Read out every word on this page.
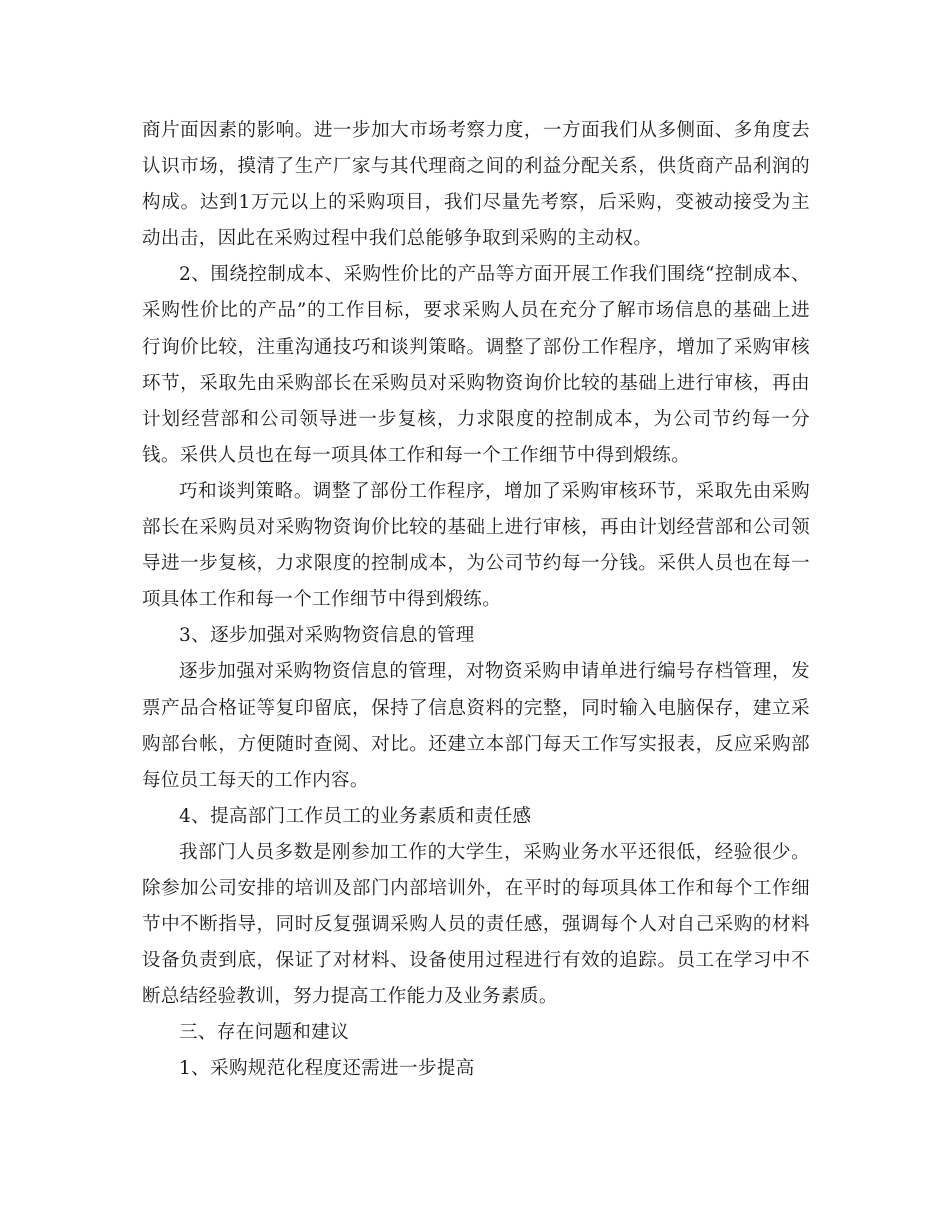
商片面因素的影响。进一步加大市场考察力度，一方面我们从多侧面、多角度去认识市场，摸清了生产厂家与其代理商之间的利益分配关系，供货商产品利润的构成。达到1万元以上的采购项目，我们尽量先考察，后采购，变被动接受为主动出击，因此在采购过程中我们总能够争取到采购的主动权。

2、围绕控制成本、采购性价比的产品等方面开展工作我们围绕“控制成本、采购性价比的产品”的工作目标，要求采购人员在充分了解市场信息的基础上进行询价比较，注重沟通技巧和谈判策略。调整了部份工作程序，增加了采购审核环节，采取先由采购部长在采购员对采购物资询价比较的基础上进行审核，再由计划经营部和公司领导进一步复核，力求限度的控制成本，为公司节约每一分钱。采供人员也在每一项具体工作和每一个工作细节中得到煅练。

巧和谈判策略。调整了部份工作程序，增加了采购审核环节，采取先由采购部长在采购员对采购物资询价比较的基础上进行审核，再由计划经营部和公司领导进一步复核，力求限度的控制成本，为公司节约每一分钱。采供人员也在每一项具体工作和每一个工作细节中得到煅练。

3、逐步加强对采购物资信息的管理

逐步加强对采购物资信息的管理，对物资采购申请单进行编号存档管理，发票产品合格证等复印留底，保持了信息资料的完整，同时输入电脑保存，建立采购部台帐，方便随时查阅、对比。还建立本部门每天工作写实报表，反应采购部每位员工每天的工作内容。

4、提高部门工作员工的业务素质和责任感

我部门人员多数是刚参加工作的大学生，采购业务水平还很低，经验很少。除参加公司安排的培训及部门内部培训外，在平时的每项具体工作和每个工作细节中不断指导，同时反复强调采购人员的责任感，强调每个人对自己采购的材料设备负责到底，保证了对材料、设备使用过程进行有效的追踪。员工在学习中不断总结经验教训，努力提高工作能力及业务素质。

三、存在问题和建议

1、采购规范化程度还需进一步提高
